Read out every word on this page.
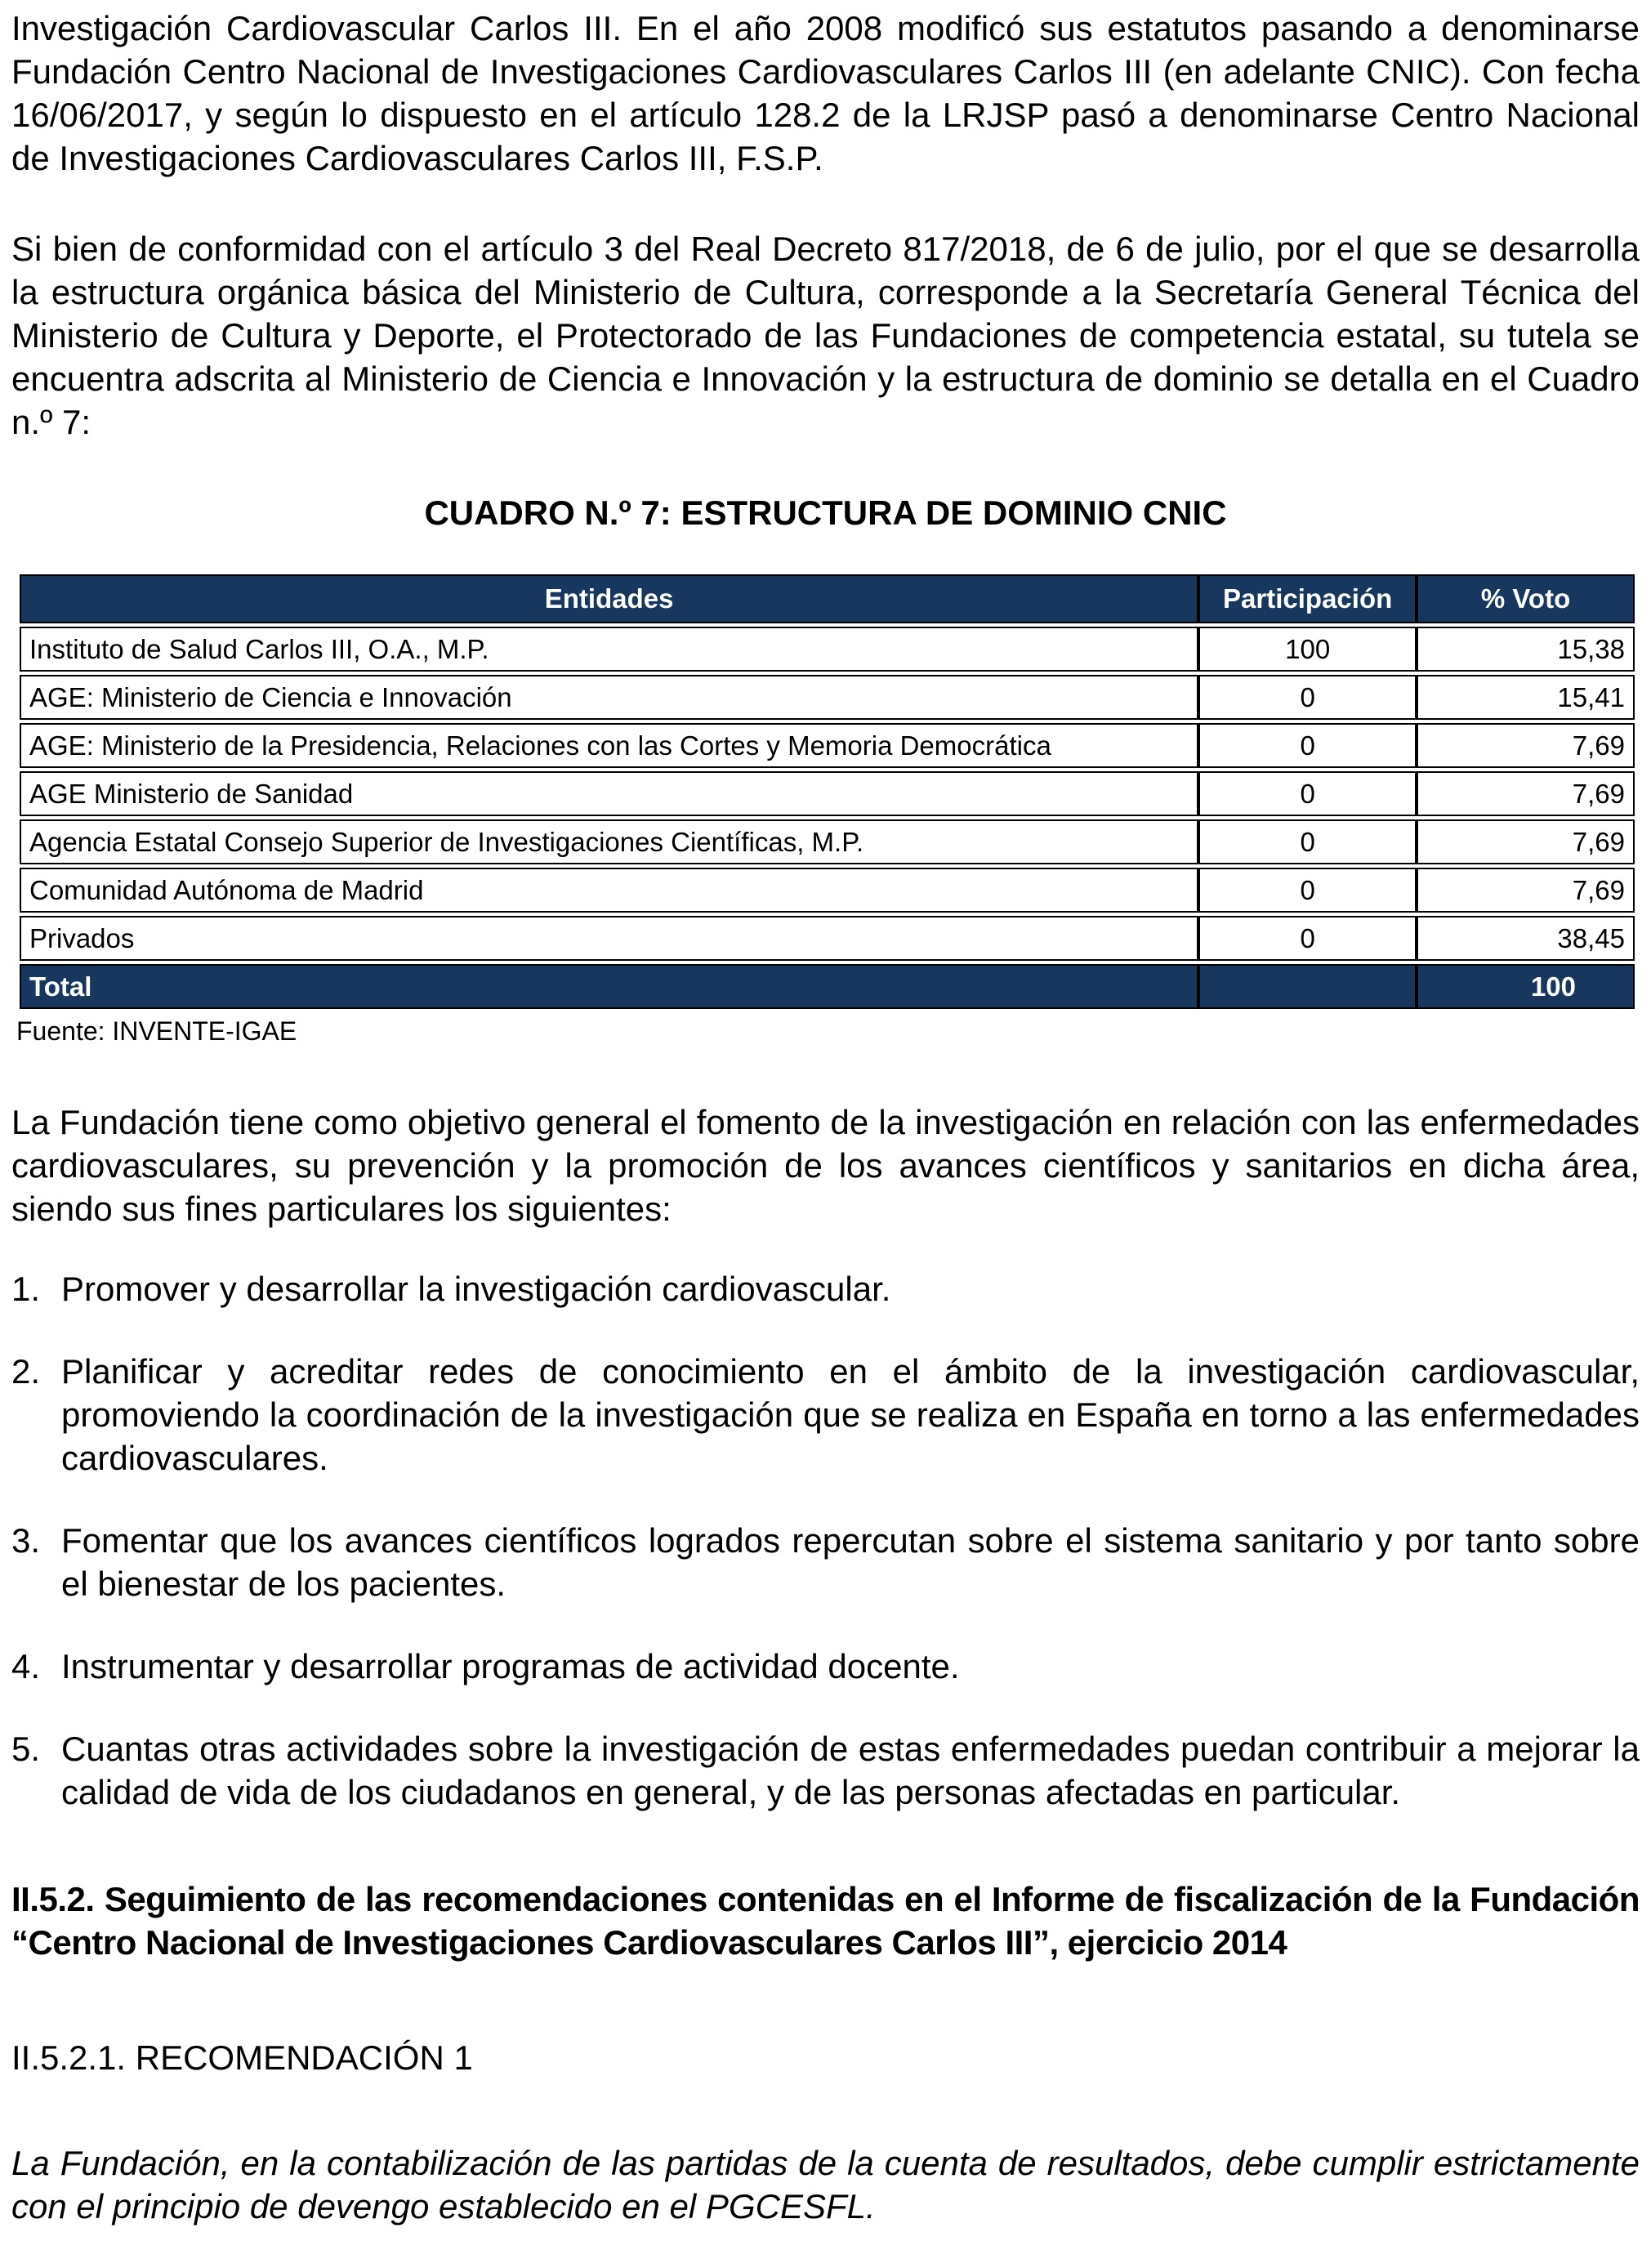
Investigación Cardiovascular Carlos III. En el año 2008 modificó sus estatutos pasando a denominarse Fundación Centro Nacional de Investigaciones Cardiovasculares Carlos III (en adelante CNIC). Con fecha 16/06/2017, y según lo dispuesto en el artículo 128.2 de la LRJSP pasó a denominarse Centro Nacional de Investigaciones Cardiovasculares Carlos III, F.S.P.

Si bien de conformidad con el artículo 3 del Real Decreto 817/2018, de 6 de julio, por el que se desarrolla la estructura orgánica básica del Ministerio de Cultura, corresponde a la Secretaría General Técnica del Ministerio de Cultura y Deporte, el Protectorado de las Fundaciones de competencia estatal, su tutela se encuentra adscrita al Ministerio de Ciencia e Innovación y la estructura de dominio se detalla en el Cuadro n.º 7:

CUADRO N.º 7: ESTRUCTURA DE DOMINIO CNIC
Entidades	Participación	% Voto
Instituto de Salud Carlos III, O.A., M.P.	100	15,38
AGE: Ministerio de Ciencia e Innovación	0	15,41
AGE: Ministerio de la Presidencia, Relaciones con las Cortes y Memoria Democrática	0	7,69
AGE Ministerio de Sanidad	0	7,69
Agencia Estatal Consejo Superior de Investigaciones Científicas, M.P.	0	7,69
Comunidad Autónoma de Madrid	0	7,69
Privados	0	38,45
Total		100
Fuente: INVENTE-IGAE

La Fundación tiene como objetivo general el fomento de la investigación en relación con las enfermedades cardiovasculares, su prevención y la promoción de los avances científicos y sanitarios en dicha área, siendo sus fines particulares los siguientes:

1. Promover y desarrollar la investigación cardiovascular.
2. Planificar y acreditar redes de conocimiento en el ámbito de la investigación cardiovascular, promoviendo la coordinación de la investigación que se realiza en España en torno a las enfermedades cardiovasculares.
3. Fomentar que los avances científicos logrados repercutan sobre el sistema sanitario y por tanto sobre el bienestar de los pacientes.
4. Instrumentar y desarrollar programas de actividad docente.
5. Cuantas otras actividades sobre la investigación de estas enfermedades puedan contribuir a mejorar la calidad de vida de los ciudadanos en general, y de las personas afectadas en particular.

II.5.2. Seguimiento de las recomendaciones contenidas en el Informe de fiscalización de la Fundación “Centro Nacional de Investigaciones Cardiovasculares Carlos III”, ejercicio 2014

II.5.2.1. RECOMENDACIÓN 1

La Fundación, en la contabilización de las partidas de la cuenta de resultados, debe cumplir estrictamente con el principio de devengo establecido en el PGCESFL.
